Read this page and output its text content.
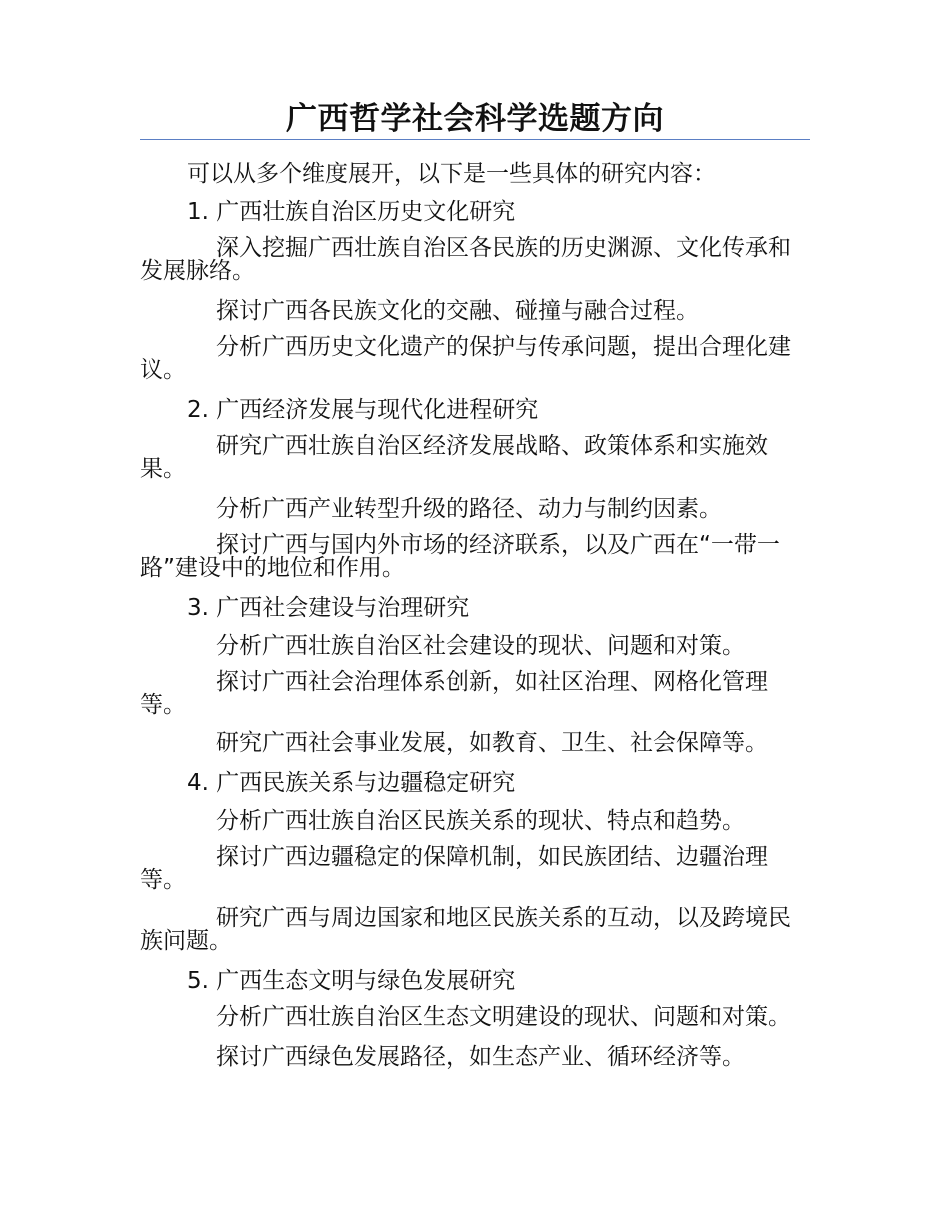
广西哲学社会科学选题方向

可以从多个维度展开，以下是一些具体的研究内容：

1. 广西壮族自治区历史文化研究

深入挖掘广西壮族自治区各民族的历史渊源、文化传承和发展脉络。

探讨广西各民族文化的交融、碰撞与融合过程。

分析广西历史文化遗产的保护与传承问题，提出合理化建议。

2. 广西经济发展与现代化进程研究

研究广西壮族自治区经济发展战略、政策体系和实施效果。

分析广西产业转型升级的路径、动力与制约因素。

探讨广西与国内外市场的经济联系，以及广西在“一带一路”建设中的地位和作用。

3. 广西社会建设与治理研究

分析广西壮族自治区社会建设的现状、问题和对策。

探讨广西社会治理体系创新，如社区治理、网格化管理等。

研究广西社会事业发展，如教育、卫生、社会保障等。

4. 广西民族关系与边疆稳定研究

分析广西壮族自治区民族关系的现状、特点和趋势。

探讨广西边疆稳定的保障机制，如民族团结、边疆治理等。

研究广西与周边国家和地区民族关系的互动，以及跨境民族问题。

5. 广西生态文明与绿色发展研究

分析广西壮族自治区生态文明建设的现状、问题和对策。

探讨广西绿色发展路径，如生态产业、循环经济等。
